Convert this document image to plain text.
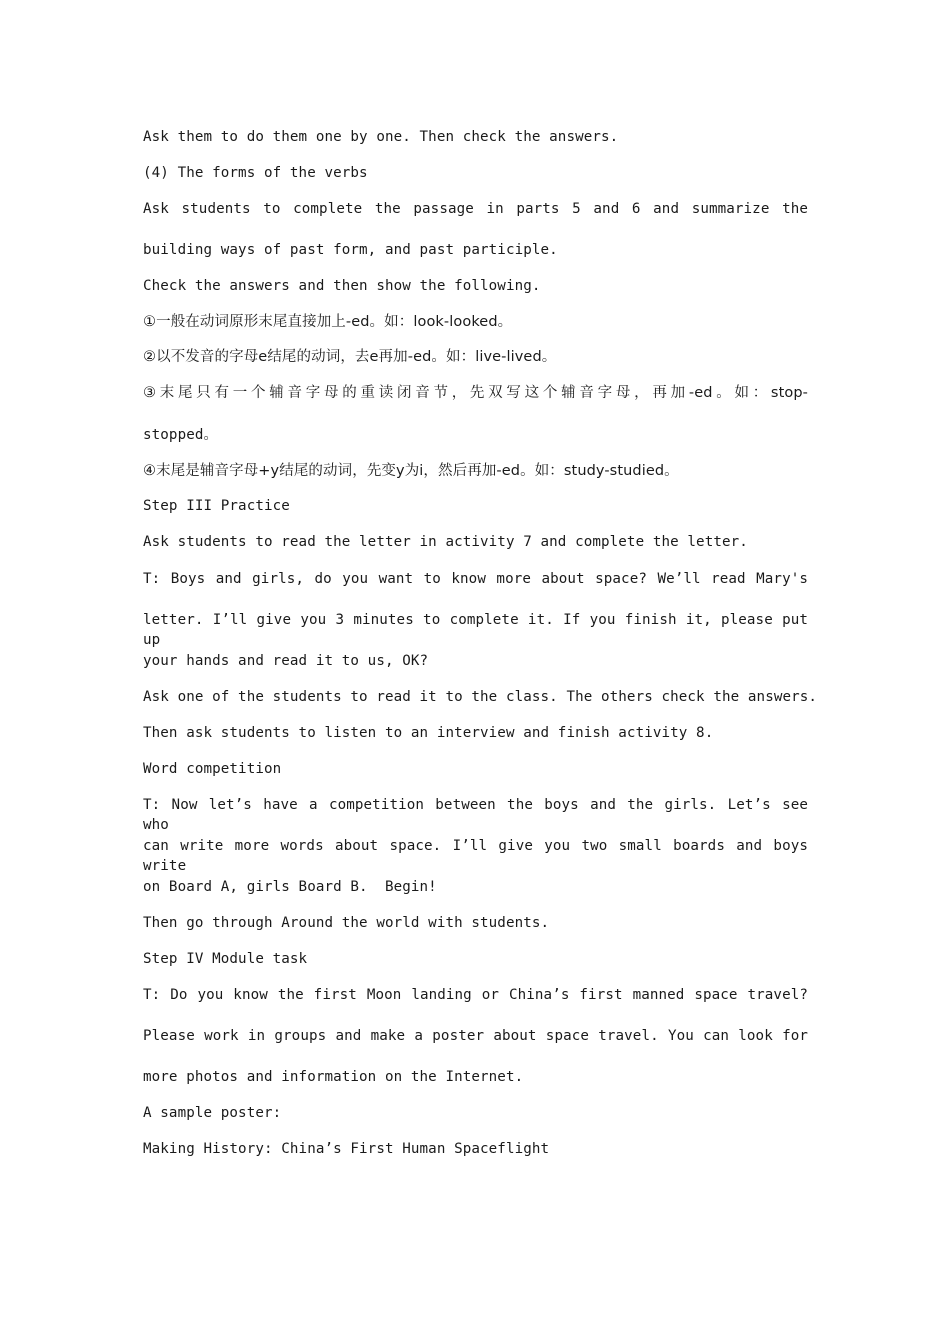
Ask them to do them one by one. Then check the answers.
(4) The forms of the verbs
Ask students to complete the passage in parts 5 and 6 and summarize the
building ways of past form, and past participle.
Check the answers and then show the following.
①一般在动词原形末尾直接加上-ed。如：look-looked。
②以不发音的字母e结尾的动词，去e再加-ed。如：live-lived。
③末尾只有一个辅音字母的重读闭音节，先双写这个辅音字母，再加-ed。如：stop-
stopped。
④末尾是辅音字母+y结尾的动词，先变y为i，然后再加-ed。如：study-studied。
Step III Practice
Ask students to read the letter in activity 7 and complete the letter.
T: Boys and girls, do you want to know more about space? We’ll read Mary's
letter. I’ll give you 3 minutes to complete it. If you finish it, please put up
your hands and read it to us, OK?
Ask one of the students to read it to the class. The others check the answers.
Then ask students to listen to an interview and finish activity 8.
Word competition
T: Now let’s have a competition between the boys and the girls. Let’s see who
can write more words about space. I’ll give you two small boards and boys write
on Board A, girls Board B.  Begin!
Then go through Around the world with students.
Step IV Module task
T: Do you know the first Moon landing or China’s first manned space travel?
Please work in groups and make a poster about space travel. You can look for
more photos and information on the Internet.
A sample poster:
Making History: China’s First Human Spaceflight
